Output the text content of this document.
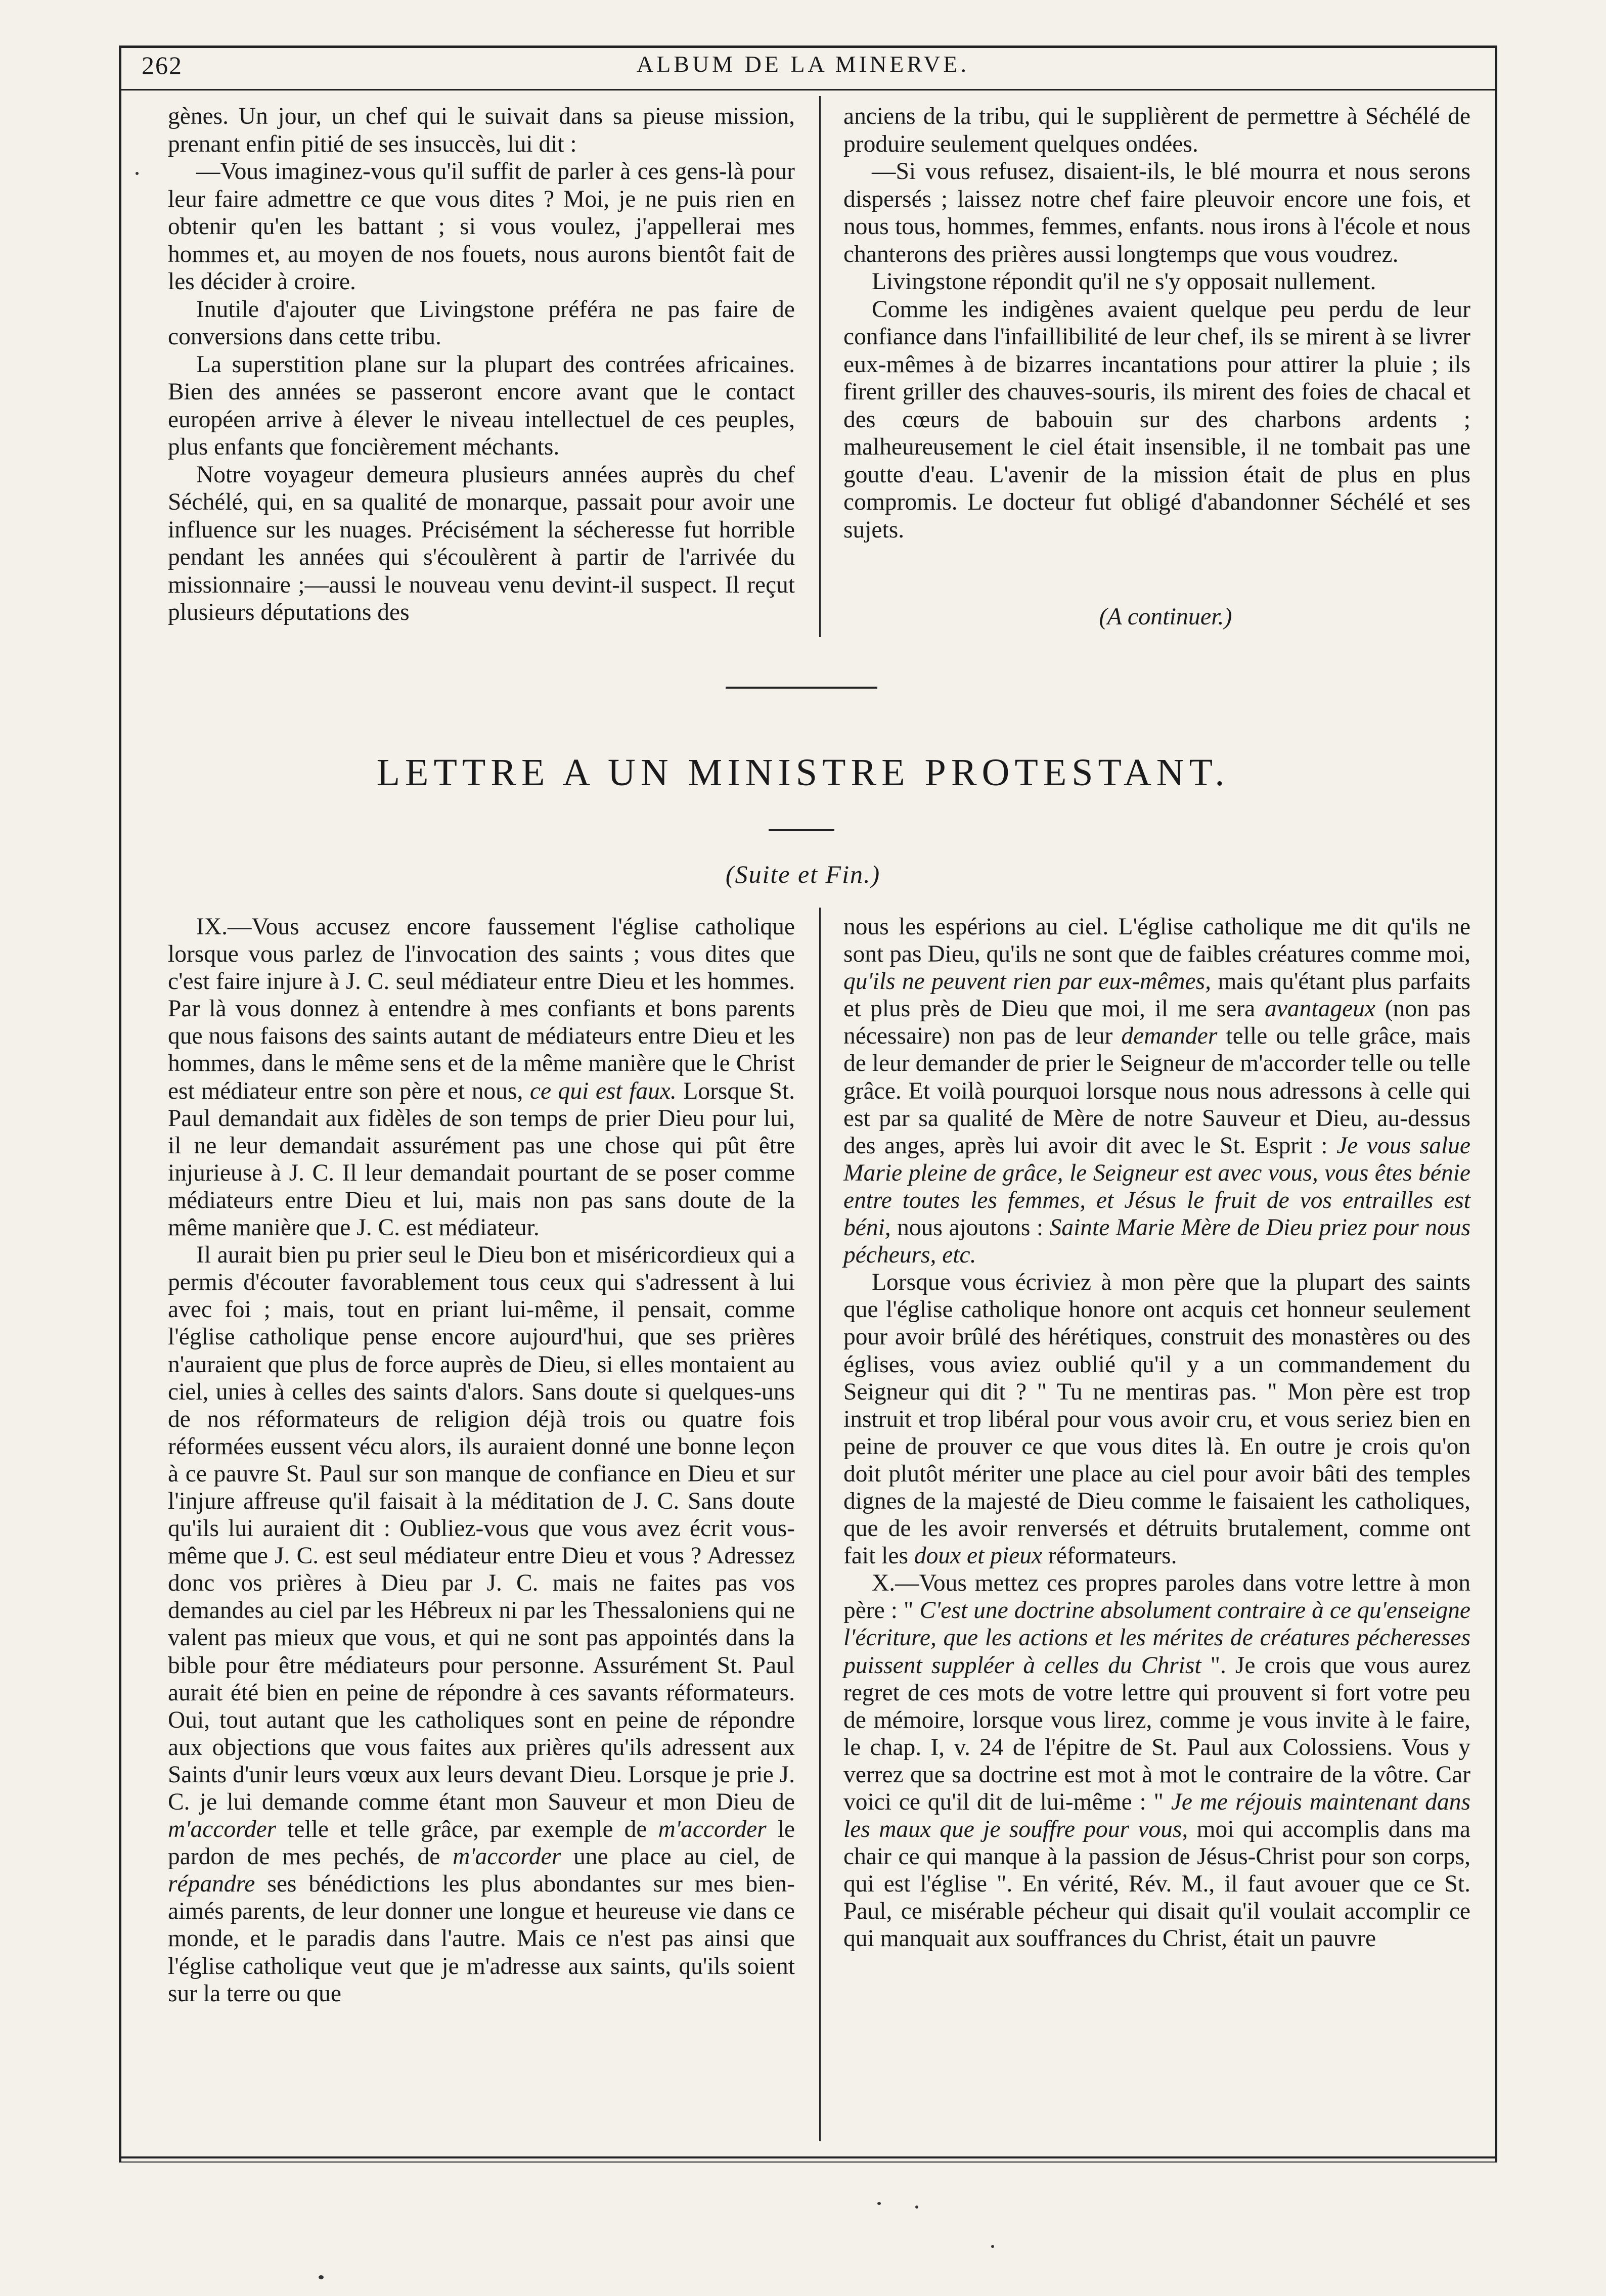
262	ALBUM DE LA MINERVE.

gènes. Un jour, un chef qui le suivait dans sa pieuse mission, prenant enfin pitié de ses insuccès, lui dit :

—Vous imaginez-vous qu'il suffit de parler à ces gens-là pour leur faire admettre ce que vous dites ? Moi, je ne puis rien en obtenir qu'en les battant ; si vous voulez, j'appellerai mes hommes et, au moyen de nos fouets, nous aurons bientôt fait de les décider à croire.

Inutile d'ajouter que Livingstone préféra ne pas faire de conversions dans cette tribu.

La superstition plane sur la plupart des contrées africaines. Bien des années se passeront encore avant que le contact européen arrive à élever le niveau intellectuel de ces peuples, plus enfants que foncièrement méchants.

Notre voyageur demeura plusieurs années auprès du chef Séchélé, qui, en sa qualité de monarque, passait pour avoir une influence sur les nuages. Précisément la sécheresse fut horrible pendant les années qui s'écoulèrent à partir de l'arrivée du missionnaire ;—aussi le nouveau venu devint-il suspect. Il reçut plusieurs députations des

anciens de la tribu, qui le supplièrent de permettre à Séchélé de produire seulement quelques ondées.

—Si vous refusez, disaient-ils, le blé mourra et nous serons dispersés ; laissez notre chef faire pleuvoir encore une fois, et nous tous, hommes, femmes, enfants. nous irons à l'école et nous chanterons des prières aussi longtemps que vous voudrez.

Livingstone répondit qu'il ne s'y opposait nullement.

Comme les indigènes avaient quelque peu perdu de leur confiance dans l'infaillibilité de leur chef, ils se mirent à se livrer eux-mêmes à de bizarres incantations pour attirer la pluie ; ils firent griller des chauves-souris, ils mirent des foies de chacal et des cœurs de babouin sur des charbons ardents ; malheureusement le ciel était insensible, il ne tombait pas une goutte d'eau. L'avenir de la mission était de plus en plus compromis. Le docteur fut obligé d'abandonner Séchélé et ses sujets.

(A continuer.)
LETTRE A UN MINISTRE PROTESTANT.
(Suite et Fin.)

IX.—Vous accusez encore faussement l'église catholique lorsque vous parlez de l'invocation des saints ; vous dites que c'est faire injure à J. C. seul médiateur entre Dieu et les hommes. Par là vous donnez à entendre à mes confiants et bons parents que nous faisons des saints autant de médiateurs entre Dieu et les hommes, dans le même sens et de la même manière que le Christ est médiateur entre son père et nous, ce qui est faux. Lorsque St. Paul demandait aux fidèles de son temps de prier Dieu pour lui, il ne leur demandait assurément pas une chose qui pût être injurieuse à J. C. Il leur demandait pourtant de se poser comme médiateurs entre Dieu et lui, mais non pas sans doute de la même manière que J. C. est médiateur.

Il aurait bien pu prier seul le Dieu bon et miséricordieux qui a permis d'écouter favorablement tous ceux qui s'adressent à lui avec foi ; mais, tout en priant lui-même, il pensait, comme l'église catholique pense encore aujourd'hui, que ses prières n'auraient que plus de force auprès de Dieu, si elles montaient au ciel, unies à celles des saints d'alors. Sans doute si quelques-uns de nos réformateurs de religion déjà trois ou quatre fois réformées eussent vécu alors, ils auraient donné une bonne leçon à ce pauvre St. Paul sur son manque de confiance en Dieu et sur l'injure affreuse qu'il faisait à la méditation de J. C. Sans doute qu'ils lui auraient dit : Oubliez-vous que vous avez écrit vous-même que J. C. est seul médiateur entre Dieu et vous ? Adressez donc vos prières à Dieu par J. C. mais ne faites pas vos demandes au ciel par les Hébreux ni par les Thessaloniens qui ne valent pas mieux que vous, et qui ne sont pas appointés dans la bible pour être médiateurs pour personne. Assurément St. Paul aurait été bien en peine de répondre à ces savants réformateurs. Oui, tout autant que les catholiques sont en peine de répondre aux objections que vous faites aux prières qu'ils adressent aux Saints d'unir leurs vœux aux leurs devant Dieu. Lorsque je prie J. C. je lui demande comme étant mon Sauveur et mon Dieu de m'accorder telle et telle grâce, par exemple de m'accorder le pardon de mes pechés, de m'accorder une place au ciel, de répandre ses bénédictions les plus abondantes sur mes bien-aimés parents, de leur donner une longue et heureuse vie dans ce monde, et le paradis dans l'autre. Mais ce n'est pas ainsi que l'église catholique veut que je m'adresse aux saints, qu'ils soient sur la terre ou que

nous les espérions au ciel. L'église catholique me dit qu'ils ne sont pas Dieu, qu'ils ne sont que de faibles créatures comme moi, qu'ils ne peuvent rien par eux-mêmes, mais qu'étant plus parfaits et plus près de Dieu que moi, il me sera avantageux (non pas nécessaire) non pas de leur demander telle ou telle grâce, mais de leur demander de prier le Seigneur de m'accorder telle ou telle grâce. Et voilà pourquoi lorsque nous nous adressons à celle qui est par sa qualité de Mère de notre Sauveur et Dieu, au-dessus des anges, après lui avoir dit avec le St. Esprit : Je vous salue Marie pleine de grâce, le Seigneur est avec vous, vous êtes bénie entre toutes les femmes, et Jésus le fruit de vos entrailles est béni, nous ajoutons : Sainte Marie Mère de Dieu priez pour nous pécheurs, etc.

Lorsque vous écriviez à mon père que la plupart des saints que l'église catholique honore ont acquis cet honneur seulement pour avoir brûlé des hérétiques, construit des monastères ou des églises, vous aviez oublié qu'il y a un commandement du Seigneur qui dit ? " Tu ne mentiras pas. " Mon père est trop instruit et trop libéral pour vous avoir cru, et vous seriez bien en peine de prouver ce que vous dites là. En outre je crois qu'on doit plutôt mériter une place au ciel pour avoir bâti des temples dignes de la majesté de Dieu comme le faisaient les catholiques, que de les avoir renversés et détruits brutalement, comme ont fait les doux et pieux réformateurs.

X.—Vous mettez ces propres paroles dans votre lettre à mon père : " C'est une doctrine absolument contraire à ce qu'enseigne l'écriture, que les actions et les mérites de créatures pécheresses puissent suppléer à celles du Christ ". Je crois que vous aurez regret de ces mots de votre lettre qui prouvent si fort votre peu de mémoire, lorsque vous lirez, comme je vous invite à le faire, le chap. I, v. 24 de l'épitre de St. Paul aux Colossiens. Vous y verrez que sa doctrine est mot à mot le contraire de la vôtre. Car voici ce qu'il dit de lui-même : " Je me réjouis maintenant dans les maux que je souffre pour vous, moi qui accomplis dans ma chair ce qui manque à la passion de Jésus-Christ pour son corps, qui est l'église ". En vérité, Rév. M., il faut avouer que ce St. Paul, ce misérable pécheur qui disait qu'il voulait accomplir ce qui manquait aux souffrances du Christ, était un pauvre
